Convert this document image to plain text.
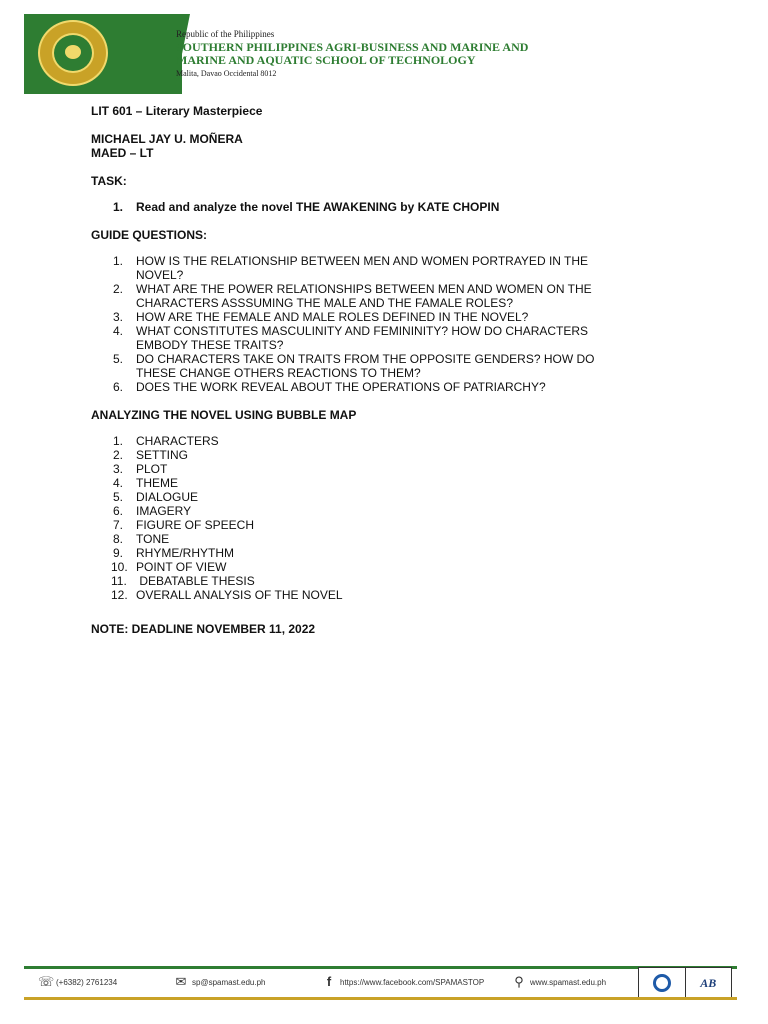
Republic of the Philippines
SOUTHERN PHILIPPINES AGRI-BUSINESS AND MARINE AND
MARINE AND AQUATIC SCHOOL OF TECHNOLOGY
Malita, Davao Occidental 8012
LIT 601 – Literary Masterpiece
MICHAEL JAY U. MOÑERA
MAED – LT
TASK:
1. Read and analyze the novel THE AWAKENING by KATE CHOPIN
GUIDE QUESTIONS:
1. HOW IS THE RELATIONSHIP BETWEEN MEN AND WOMEN PORTRAYED IN THE
NOVEL?
2. WHAT ARE THE POWER RELATIONSHIPS BETWEEN MEN AND WOMEN ON THE
CHARACTERS ASSSUMING THE MALE AND THE FAMALE ROLES?
3. HOW ARE THE FEMALE AND MALE ROLES DEFINED IN THE NOVEL?
4. WHAT CONSTITUTES MASCULINITY AND FEMININITY? HOW DO CHARACTERS
EMBODY THESE TRAITS?
5. DO CHARACTERS TAKE ON TRAITS FROM THE OPPOSITE GENDERS? HOW DO
THESE CHANGE OTHERS REACTIONS TO THEM?
6. DOES THE WORK REVEAL ABOUT THE OPERATIONS OF PATRIARCHY?
ANALYZING THE NOVEL USING BUBBLE MAP
1. CHARACTERS
2. SETTING
3. PLOT
4. THEME
5. DIALOGUE
6. IMAGERY
7. FIGURE OF SPEECH
8. TONE
9. RHYME/RHYTHM
10. POINT OF VIEW
11. DEBATABLE THESIS
12. OVERALL ANALYSIS OF THE NOVEL
NOTE: DEADLINE NOVEMBER 11, 2022
☏ (+6382) 2761234	✉ sp@spamast.edu.ph	f	https://www.facebook.com/SPAMASTOP ⚲ www.spamast.edu.ph	AB
